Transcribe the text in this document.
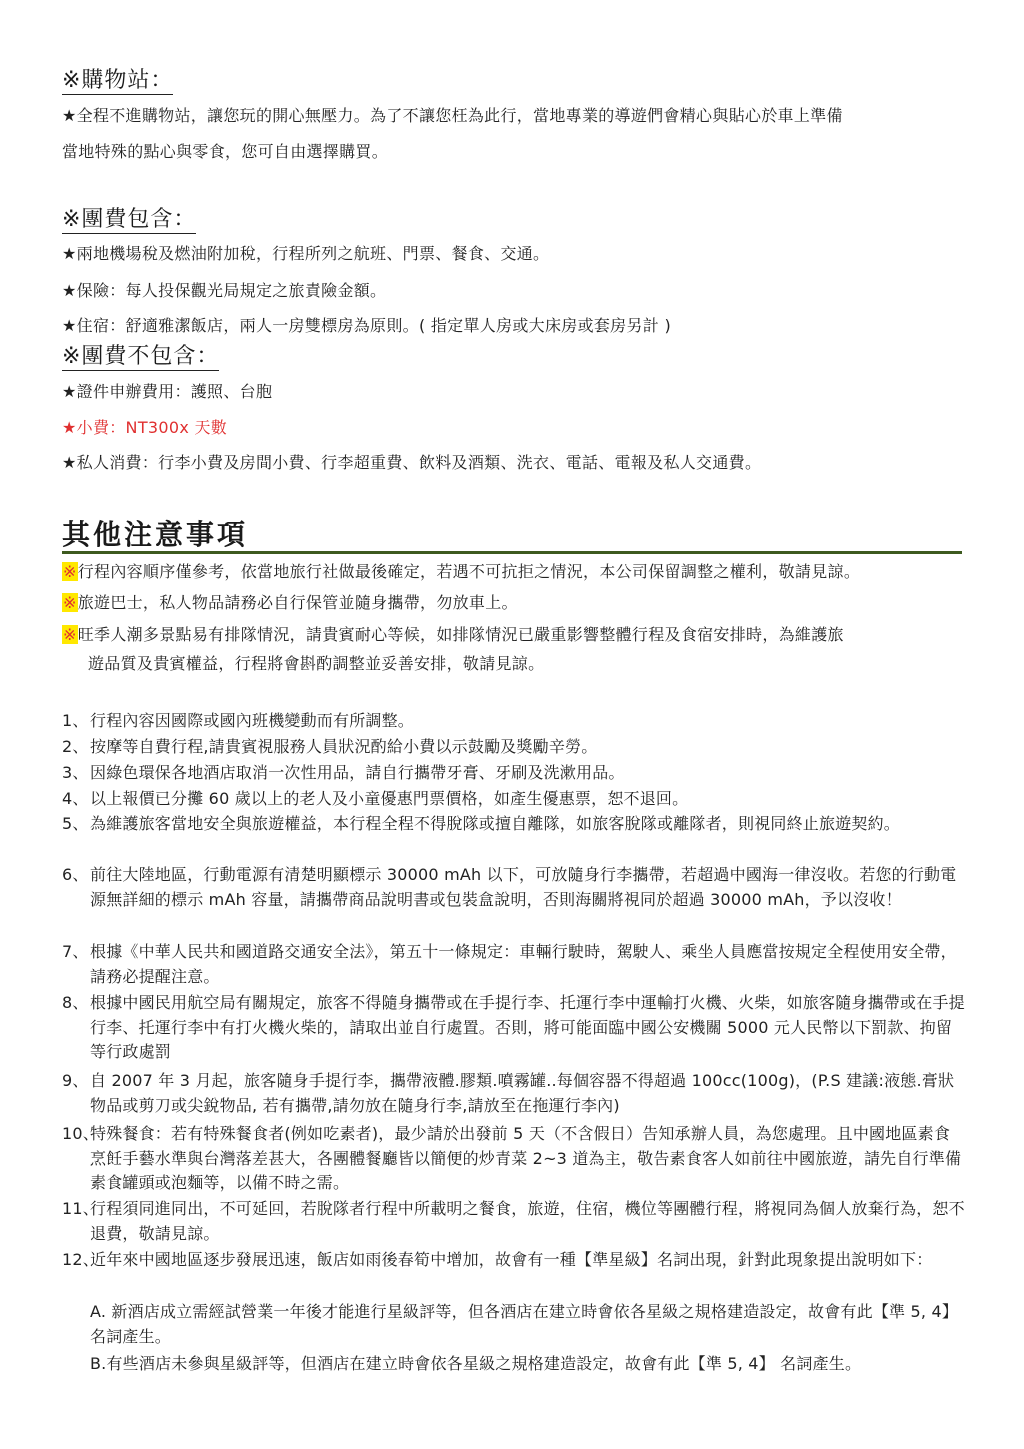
※購物站：

★全程不進購物站，讓您玩的開心無壓力。為了不讓您枉為此行，當地專業的導遊們會精心與貼心於車上準備

當地特殊的點心與零食，您可自由選擇購買。

※團費包含：

★兩地機場稅及燃油附加稅，行程所列之航班、門票、餐食、交通。

★保險：每人投保觀光局規定之旅責險金額。

★住宿：舒適雅潔飯店，兩人一房雙標房為原則。( 指定單人房或大床房或套房另計 )

※團費不包含：

★證件申辦費用：護照、台胞

★小費：NT300x 天數

★私人消費：行李小費及房間小費、行李超重費、飲料及酒類、洗衣、電話、電報及私人交通費。

其他注意事項

※行程內容順序僅參考，依當地旅行社做最後確定，若遇不可抗拒之情況，本公司保留調整之權利，敬請見諒。

※旅遊巴士，私人物品請務必自行保管並隨身攜帶，勿放車上。

※旺季人潮多景點易有排隊情況，請貴賓耐心等候，如排隊情況已嚴重影響整體行程及食宿安排時，為維護旅

遊品質及貴賓權益，行程將會斟酌調整並妥善安排，敬請見諒。

1、 行程內容因國際或國內班機變動而有所調整。
2、 按摩等自費行程,請貴賓視服務人員狀況酌給小費以示鼓勵及獎勵辛勞。
3、 因綠色環保各地酒店取消一次性用品，請自行攜帶牙膏、牙刷及洗漱用品。
4、 以上報價已分攤 60 歲以上的老人及小童優惠門票價格，如產生優惠票，恕不退回。
5、 為維護旅客當地安全與旅遊權益，本行程全程不得脫隊或擅自離隊，如旅客脫隊或離隊者，則視同終止旅遊契約。
6、 前往大陸地區，行動電源有清楚明顯標示 30000 mAh 以下，可放隨身行李攜帶，若超過中國海一律沒收。若您的行動電源無詳細的標示 mAh 容量，請攜帶商品說明書或包裝盒說明，否則海關將視同於超過 30000 mAh，予以沒收！
7、 根據《中華人民共和國道路交通安全法》，第五十一條規定：車輛行駛時，駕駛人、乘坐人員應當按規定全程使用安全帶，請務必提醒注意。
8、 根據中國民用航空局有關規定，旅客不得隨身攜帶或在手提行李、托運行李中運輸打火機、火柴，如旅客隨身攜帶或在手提行李、托運行李中有打火機火柴的，請取出並自行處置。否則，將可能面臨中國公安機關 5000 元人民幣以下罰款、拘留等行政處罰
9、 自 2007 年 3 月起，旅客隨身手提行李，攜帶液體.膠類.噴霧罐..每個容器不得超過 100cc(100g)，(P.S 建議:液態.膏狀物品或剪刀或尖銳物品, 若有攜帶,請勿放在隨身行李,請放至在拖運行李內)
10、
特殊餐食：若有特殊餐食者(例如吃素者)，最少請於出發前 5 天（不含假日）告知承辦人員，為您處理。且中國地區素食烹飪手藝水準與台灣落差甚大，各團體餐廳皆以簡便的炒青菜 2~3 道為主，敬告素食客人如前往中國旅遊，請先自行準備素食罐頭或泡麵等，以備不時之需。
11、
行程須同進同出，不可延回，若脫隊者行程中所載明之餐食，旅遊，住宿，機位等團體行程，將視同為個人放棄行為，恕不退費，敬請見諒。
12、
近年來中國地區逐步發展迅速，飯店如雨後春筍中增加，故會有一種【準星級】名詞出現，針對此現象提出說明如下：
A. 新酒店成立需經試營業一年後才能進行星級評等，但各酒店在建立時會依各星級之規格建造設定，故會有此【準 5, 4】名詞產生。
B.有些酒店未參與星級評等，但酒店在建立時會依各星級之規格建造設定，故會有此【準 5, 4】 名詞產生。
